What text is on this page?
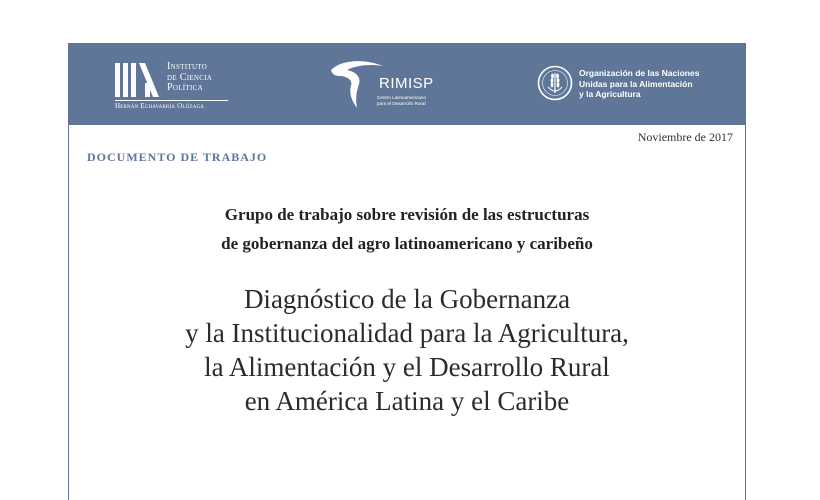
Instituto
de Ciencia
Política
Hernán Echavarría Olózaga
RIMISP
Centro Latinoamericano
para el Desarrollo Rural
Organización de las Naciones
Unidas para la Alimentación
y la Agricultura
Noviembre de 2017
DOCUMENTO DE TRABAJO
Grupo de trabajo sobre revisión de las estructuras
de gobernanza del agro latinoamericano y caribeño
Diagnóstico de la Gobernanza
y la Institucionalidad para la Agricultura,
la Alimentación y el Desarrollo Rural
en América Latina y el Caribe
